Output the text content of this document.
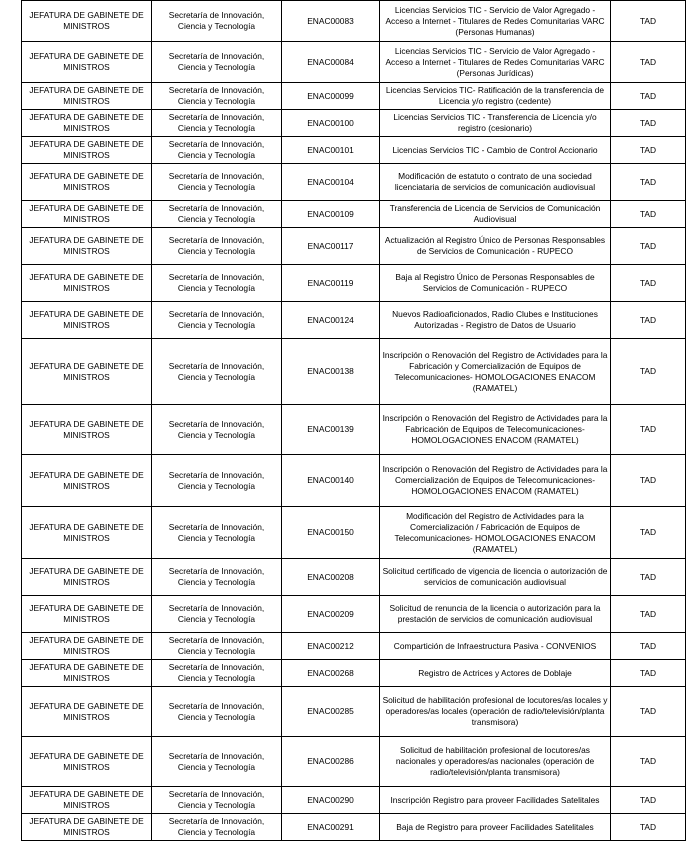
JEFATURA DE GABINETE DE MINISTROS	Secretaría de Innovación, Ciencia y Tecnología	ENAC00083	Licencias Servicios TIC - Servicio de Valor Agregado - Acceso a Internet - Titulares de Redes Comunitarias VARC (Personas Humanas)	TAD
JEFATURA DE GABINETE DE MINISTROS	Secretaría de Innovación, Ciencia y Tecnología	ENAC00084	Licencias Servicios TIC - Servicio de Valor Agregado - Acceso a Internet - Titulares de Redes Comunitarias VARC (Personas Jurídicas)	TAD
JEFATURA DE GABINETE DE MINISTROS	Secretaría de Innovación, Ciencia y Tecnología	ENAC00099	Licencias Servicios TIC- Ratificación de la transferencia de Licencia y/o registro (cedente)	TAD
JEFATURA DE GABINETE DE MINISTROS	Secretaría de Innovación, Ciencia y Tecnología	ENAC00100	Licencias Servicios TIC - Transferencia de Licencia y/o registro (cesionario)	TAD
JEFATURA DE GABINETE DE MINISTROS	Secretaría de Innovación, Ciencia y Tecnología	ENAC00101	Licencias Servicios TIC - Cambio de Control Accionario	TAD
JEFATURA DE GABINETE DE MINISTROS	Secretaría de Innovación, Ciencia y Tecnología	ENAC00104	Modificación de estatuto o contrato de una sociedad licenciataria de servicios de comunicación audiovisual	TAD
JEFATURA DE GABINETE DE MINISTROS	Secretaría de Innovación, Ciencia y Tecnología	ENAC00109	Transferencia de Licencia de Servicios de Comunicación Audiovisual	TAD
JEFATURA DE GABINETE DE MINISTROS	Secretaría de Innovación, Ciencia y Tecnología	ENAC00117	Actualización al Registro Único de Personas Responsables de Servicios de Comunicación - RUPECO	TAD
JEFATURA DE GABINETE DE MINISTROS	Secretaría de Innovación, Ciencia y Tecnología	ENAC00119	Baja al Registro Único de Personas Responsables de Servicios de Comunicación - RUPECO	TAD
JEFATURA DE GABINETE DE MINISTROS	Secretaría de Innovación, Ciencia y Tecnología	ENAC00124	Nuevos Radioaficionados, Radio Clubes e Instituciones Autorizadas - Registro de Datos de Usuario	TAD
JEFATURA DE GABINETE DE MINISTROS	Secretaría de Innovación, Ciencia y Tecnología	ENAC00138	Inscripción o Renovación del Registro de Actividades para la Fabricación y Comercialización de Equipos de Telecomunicaciones- HOMOLOGACIONES ENACOM (RAMATEL)	TAD
JEFATURA DE GABINETE DE MINISTROS	Secretaría de Innovación, Ciencia y Tecnología	ENAC00139	Inscripción o Renovación del Registro de Actividades para la Fabricación de Equipos de Telecomunicaciones- HOMOLOGACIONES ENACOM (RAMATEL)	TAD
JEFATURA DE GABINETE DE MINISTROS	Secretaría de Innovación, Ciencia y Tecnología	ENAC00140	Inscripción o Renovación del Registro de Actividades para la Comercialización de Equipos de Telecomunicaciones- HOMOLOGACIONES ENACOM (RAMATEL)	TAD
JEFATURA DE GABINETE DE MINISTROS	Secretaría de Innovación, Ciencia y Tecnología	ENAC00150	Modificación del Registro de Actividades para la Comercialización / Fabricación de Equipos de Telecomunicaciones- HOMOLOGACIONES ENACOM (RAMATEL)	TAD
JEFATURA DE GABINETE DE MINISTROS	Secretaría de Innovación, Ciencia y Tecnología	ENAC00208	Solicitud certificado de vigencia de licencia o autorización de servicios de comunicación audiovisual	TAD
JEFATURA DE GABINETE DE MINISTROS	Secretaría de Innovación, Ciencia y Tecnología	ENAC00209	Solicitud de renuncia de la licencia o autorización para la prestación de servicios de comunicación audiovisual	TAD
JEFATURA DE GABINETE DE MINISTROS	Secretaría de Innovación, Ciencia y Tecnología	ENAC00212	Compartición de Infraestructura Pasiva - CONVENIOS	TAD
JEFATURA DE GABINETE DE MINISTROS	Secretaría de Innovación, Ciencia y Tecnología	ENAC00268	Registro de Actrices y Actores de Doblaje	TAD
JEFATURA DE GABINETE DE MINISTROS	Secretaría de Innovación, Ciencia y Tecnología	ENAC00285	Solicitud de habilitación profesional de locutores/as locales y operadores/as locales (operación de radio/televisión/planta transmisora)	TAD
JEFATURA DE GABINETE DE MINISTROS	Secretaría de Innovación, Ciencia y Tecnología	ENAC00286	Solicitud de habilitación profesional de locutores/as nacionales y operadores/as nacionales (operación de radio/televisión/planta transmisora)	TAD
JEFATURA DE GABINETE DE MINISTROS	Secretaría de Innovación, Ciencia y Tecnología	ENAC00290	Inscripción Registro para proveer Facilidades Satelitales	TAD
JEFATURA DE GABINETE DE MINISTROS	Secretaría de Innovación, Ciencia y Tecnología	ENAC00291	Baja de Registro para proveer Facilidades Satelitales	TAD
